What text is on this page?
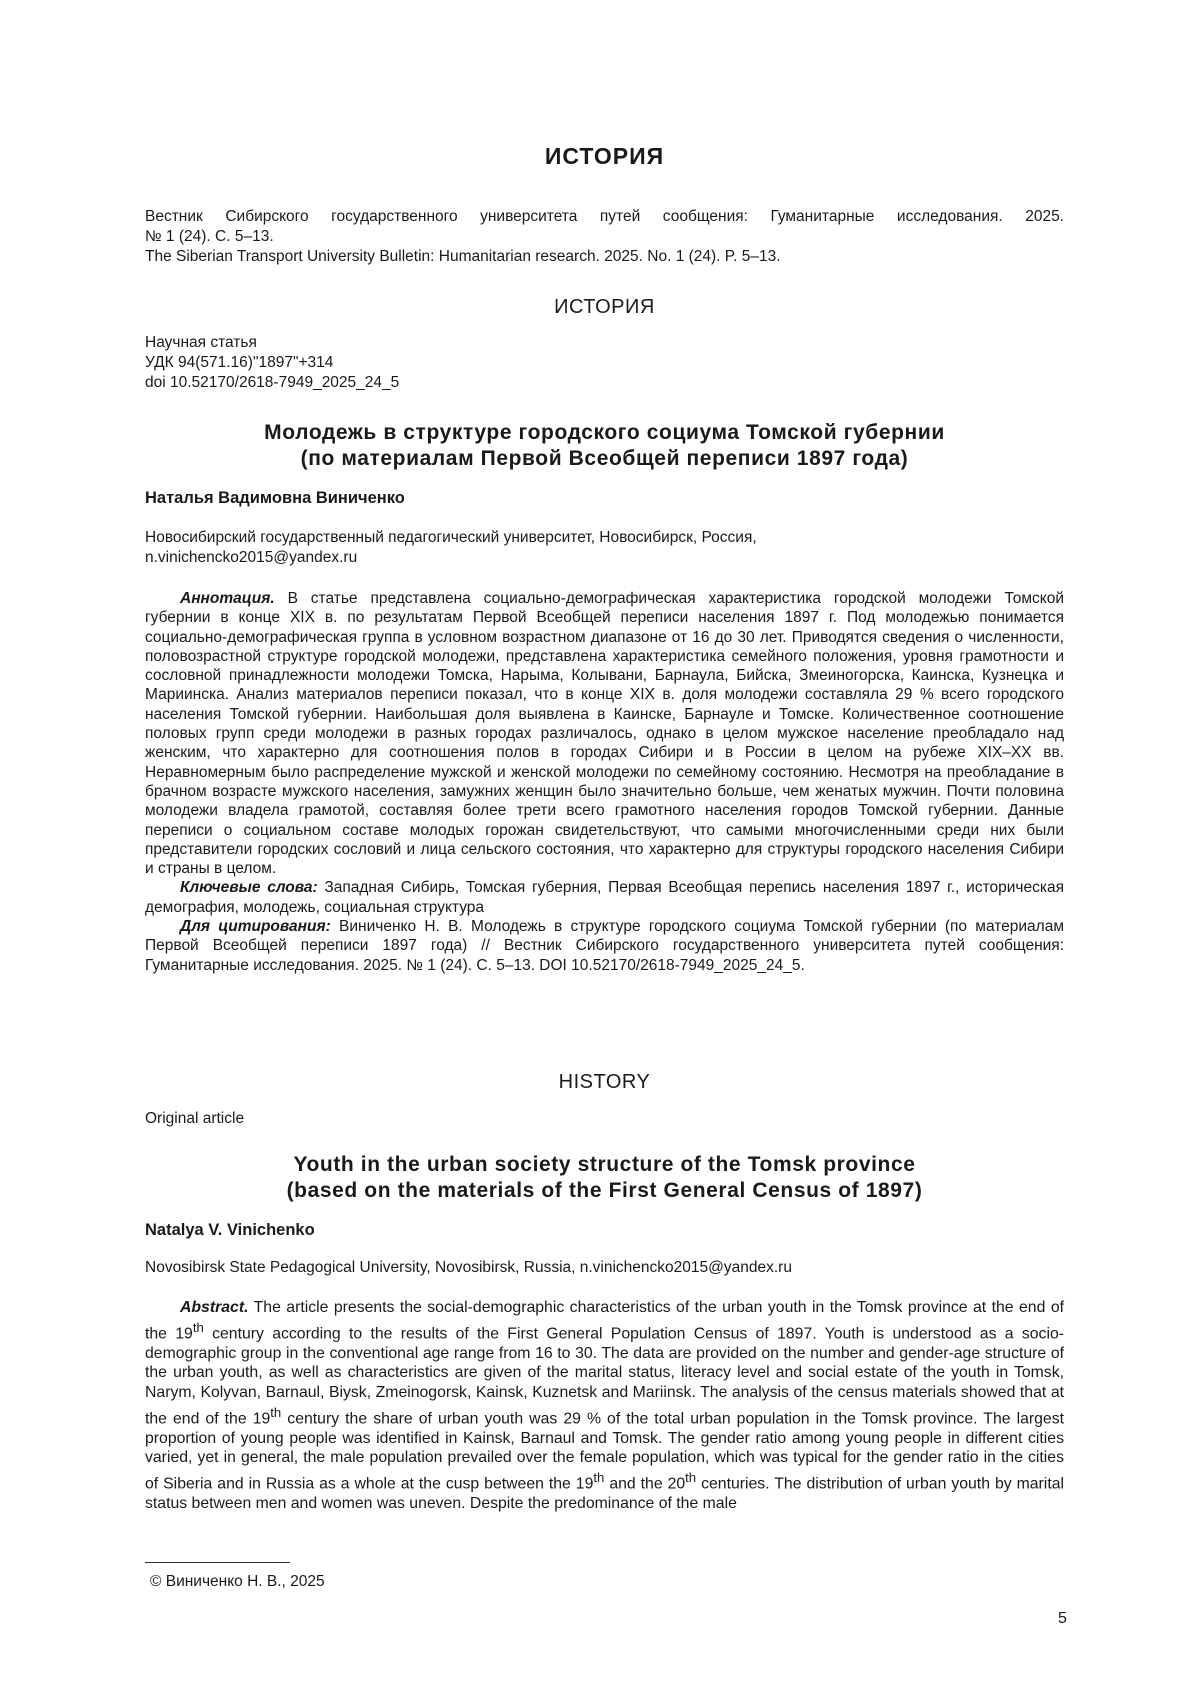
ИСТОРИЯ
Вестник Сибирского государственного университета путей сообщения: Гуманитарные исследования. 2025.
№ 1 (24). С. 5–13.
The Siberian Transport University Bulletin: Humanitarian research. 2025. No. 1 (24). P. 5–13.
ИСТОРИЯ
Научная статья
УДК 94(571.16)"1897"+314
doi 10.52170/2618-7949_2025_24_5
Молодежь в структуре городского социума Томской губернии
(по материалам Первой Всеобщей переписи 1897 года)
Наталья Вадимовна Виниченко
Новосибирский государственный педагогический университет, Новосибирск, Россия,
n.vinichencko2015@yandex.ru

Аннотация. В статье представлена социально-демографическая характеристика городской молодежи Томской губернии в конце XIX в. по результатам Первой Всеобщей переписи населения 1897 г. Под молодежью понимается социально-демографическая группа в условном возрастном диапазоне от 16 до 30 лет. Приводятся сведения о численности, половозрастной структуре городской молодежи, представлена характеристика семейного положения, уровня грамотности и сословной принадлежности молодежи Томска, Нарыма, Колывани, Барнаула, Бийска, Змеиногорска, Каинска, Кузнецка и Мариинска. Анализ материалов переписи показал, что в конце XIX в. доля молодежи составляла 29 % всего городского населения Томской губернии. Наибольшая доля выявлена в Каинске, Барнауле и Томске. Количественное соотношение половых групп среди молодежи в разных городах различалось, однако в целом мужское население преобладало над женским, что характерно для соотношения полов в городах Сибири и в России в целом на рубеже XIX–XX вв. Неравномерным было распределение мужской и женской молодежи по семейному состоянию. Несмотря на преобладание в брачном возрасте мужского населения, замужних женщин было значительно больше, чем женатых мужчин. Почти половина молодежи владела грамотой, составляя более трети всего грамотного населения городов Томской губернии. Данные переписи о социальном составе молодых горожан свидетельствуют, что самыми многочисленными среди них были представители городских сословий и лица сельского состояния, что характерно для структуры городского населения Сибири и страны в целом.

Ключевые слова: Западная Сибирь, Томская губерния, Первая Всеобщая перепись населения 1897 г., историческая демография, молодежь, социальная структура

Для цитирования: Виниченко Н. В. Молодежь в структуре городского социума Томской губернии (по материалам Первой Всеобщей переписи 1897 года) // Вестник Сибирского государственного университета путей сообщения: Гуманитарные исследования. 2025. № 1 (24). С. 5–13. DOI 10.52170/2618-7949_2025_24_5.

HISTORY
Original article
Youth in the urban society structure of the Tomsk province
(based on the materials of the First General Census of 1897)
Natalya V. Vinichenko
Novosibirsk State Pedagogical University, Novosibirsk, Russia, n.vinichencko2015@yandex.ru

Abstract. The article presents the social-demographic characteristics of the urban youth in the Tomsk province at the end of the 19th century according to the results of the First General Population Census of 1897. Youth is understood as a socio-demographic group in the conventional age range from 16 to 30. The data are provided on the number and gender-age structure of the urban youth, as well as characteristics are given of the marital status, literacy level and social estate of the youth in Tomsk, Narym, Kolyvan, Barnaul, Biysk, Zmeinogorsk, Kainsk, Kuznetsk and Mariinsk. The analysis of the census materials showed that at the end of the 19th century the share of urban youth was 29 % of the total urban population in the Tomsk province. The largest proportion of young people was identified in Kainsk, Barnaul and Tomsk. The gender ratio among young people in different cities varied, yet in general, the male population prevailed over the female population, which was typical for the gender ratio in the cities of Siberia and in Russia as a whole at the cusp between the 19th and the 20th centuries. The distribution of urban youth by marital status between men and women was uneven. Despite the predominance of the male

© Виниченко Н. В., 2025
5
